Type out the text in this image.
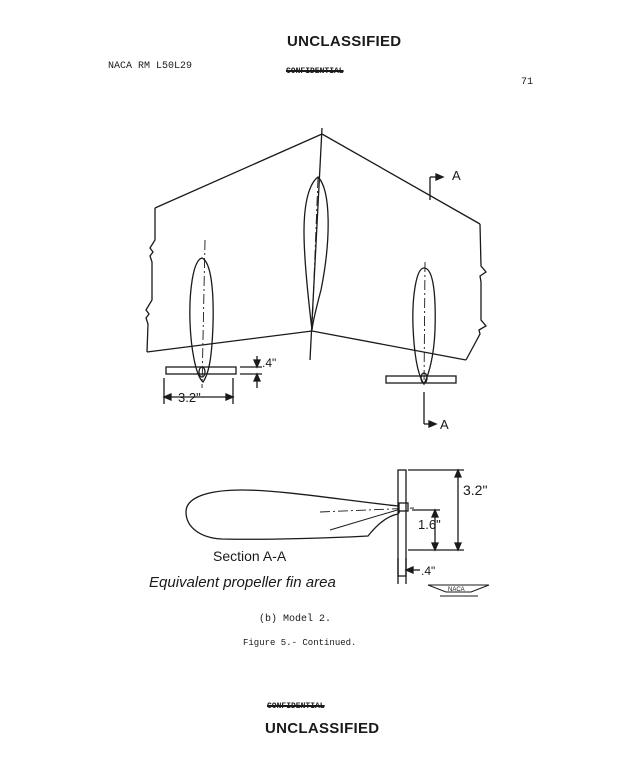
UNCLASSIFIED
NACA RM L50L29	CONFIDENTIAL
71
A
A
3.2"
.4"
3.2"
1.6"
.4"
Section A-A
Equivalent propeller fin area	NACA
(b) Model 2.
Figure 5.- Continued.
CONFIDENTIAL
UNCLASSIFIED
